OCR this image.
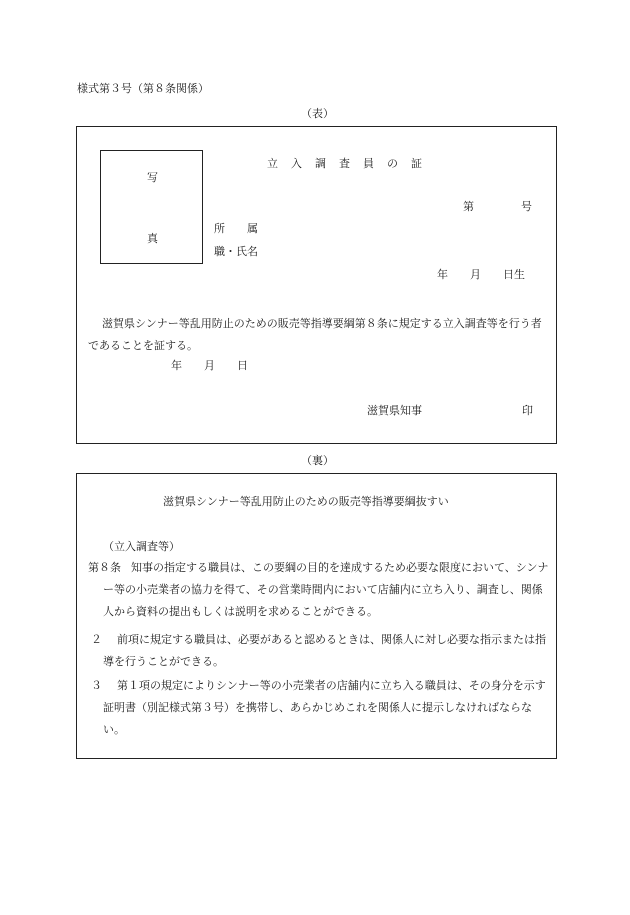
様式第３号（第８条関係）
（表）
写
真
立入調査員の証
第	号
所　　属
職・氏名
年　　月　　日生
滋賀県シンナー等乱用防止のための販売等指導要綱第８条に規定する立入調査等を行う者であることを証する。
年　　月　　日
滋賀県知事	印
（裏）
滋賀県シンナー等乱用防止のための販売等指導要綱抜すい
（立入調査等）
第８条 知事の指定する職員は、この要綱の目的を達成するため必要な限度において、シンナー等の小売業者の協力を得て、その営業時間内において店舗内に立ち入り、調査し、関係人から資料の提出もしくは説明を求めることができる。
２	前項に規定する職員は、必要があると認めるときは、関係人に対し必要な指示または指導を行うことができる。
３	第１項の規定によりシンナー等の小売業者の店舗内に立ち入る職員は、その身分を示す証明書（別記様式第３号）を携帯し、あらかじめこれを関係人に提示しなければならない。
